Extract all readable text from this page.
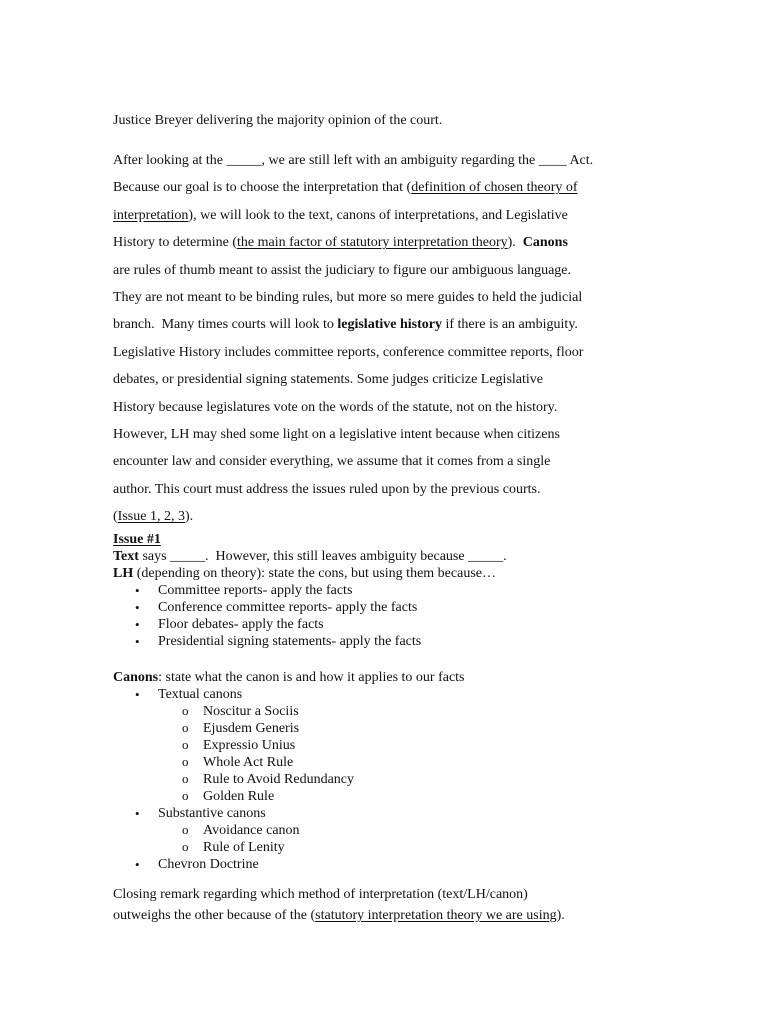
Justice Breyer delivering the majority opinion of the court.

After looking at the _____, we are still left with an ambiguity regarding the ____ Act.
Because our goal is to choose the interpretation that (definition of chosen theory of
interpretation), we will look to the text, canons of interpretations, and Legislative
History to determine (the main factor of statutory interpretation theory).  Canons
are rules of thumb meant to assist the judiciary to figure our ambiguous language.
They are not meant to be binding rules, but more so mere guides to held the judicial
branch.  Many times courts will look to legislative history if there is an ambiguity.
Legislative History includes committee reports, conference committee reports, floor
debates, or presidential signing statements. Some judges criticize Legislative
History because legislatures vote on the words of the statute, not on the history.
However, LH may shed some light on a legislative intent because when citizens
encounter law and consider everything, we assume that it comes from a single
author. This court must address the issues ruled upon by the previous courts.
(Issue 1, 2, 3).
Issue #1
Text says _____.  However, this still leaves ambiguity because _____.
LH (depending on theory): state the cons, but using them because…
• Committee reports- apply the facts
• Conference committee reports- apply the facts
• Floor debates- apply the facts
• Presidential signing statements- apply the facts
Canons: state what the canon is and how it applies to our facts
• Textual canons
o Noscitur a Sociis
o Ejusdem Generis
o Expressio Unius
o Whole Act Rule
o Rule to Avoid Redundancy
o Golden Rule
• Substantive canons
o Avoidance canon
o Rule of Lenity
• Chevron Doctrine
Closing remark regarding which method of interpretation (text/LH/canon)
outweighs the other because of the (statutory interpretation theory we are using).
